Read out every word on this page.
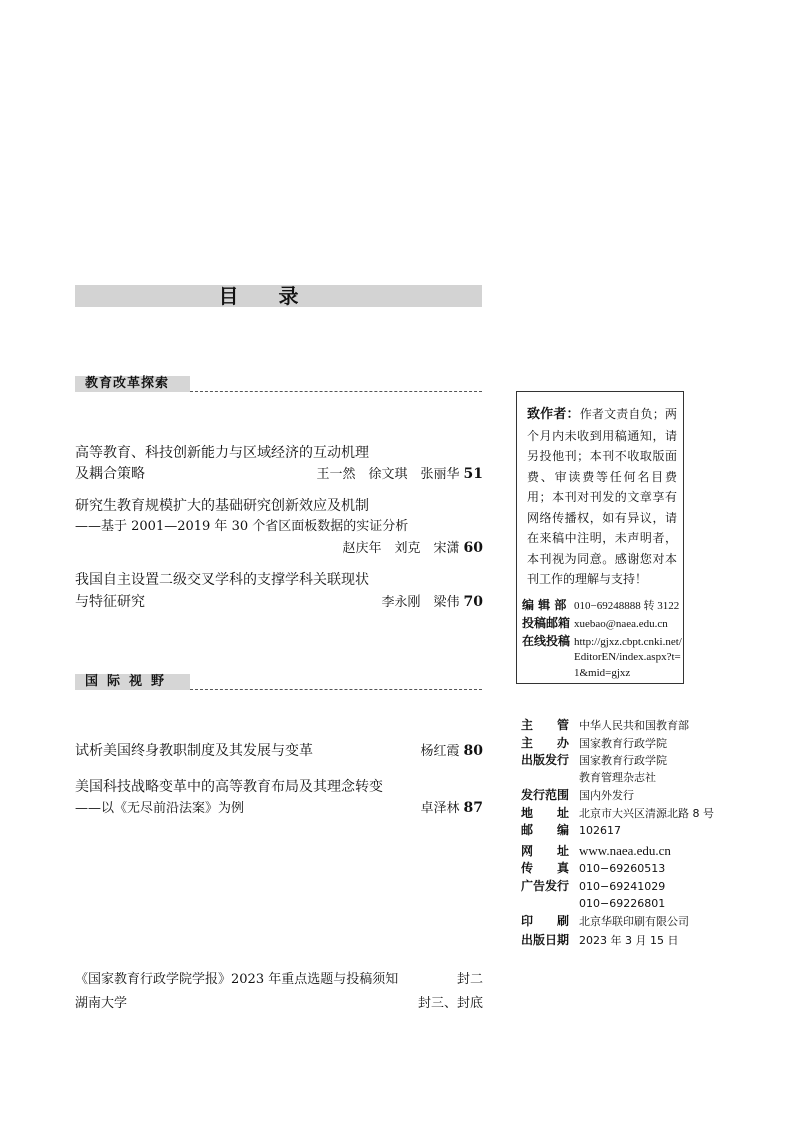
目录
教育改革探索
高等教育、科技创新能力与区域经济的互动机理
及耦合策略	王一然　徐文琪　张丽华 51
研究生教育规模扩大的基础研究创新效应及机制
——基于 2001—2019 年 30 个省区面板数据的实证分析
赵庆年　刘克　宋潇 60
我国自主设置二级交叉学科的支撑学科关联现状
与特征研究	李永刚　梁伟 70
国际视野
试析美国终身教职制度及其发展与变革	杨红霞 80
美国科技战略变革中的高等教育布局及其理念转变
——以《无尽前沿法案》为例	卓泽林 87
《国家教育行政学院学报》2023 年重点选题与投稿须知	封二
湖南大学	封三、封底
致作者：作者文责自负；两个月内未收到用稿通知，请另投他刊；本刊不收取版面费、审读费等任何名目费用；本刊对刊发的文章享有网络传播权，如有异议，请在来稿中注明，未声明者，本刊视为同意。感谢您对本刊工作的理解与支持！
编 辑 部 010−69248888 转 3122
投稿邮箱 xuebao@naea.edu.cn
在线投稿 http://gjxz.cbpt.cnki.net/
EditorEN/index.aspx?t=
1&mid=gjxz
主　　管 中华人民共和国教育部
主　　办 国家教育行政学院
出版发行 国家教育行政学院
教育管理杂志社
发行范围 国内外发行
地　　址 北京市大兴区清源北路 8 号
邮　　编 102617
网　　址 www.naea.edu.cn
传　　真 010−69260513
广告发行 010−69241029
010−69226801
印　　刷 北京华联印刷有限公司
出版日期 2023 年 3 月 15 日
